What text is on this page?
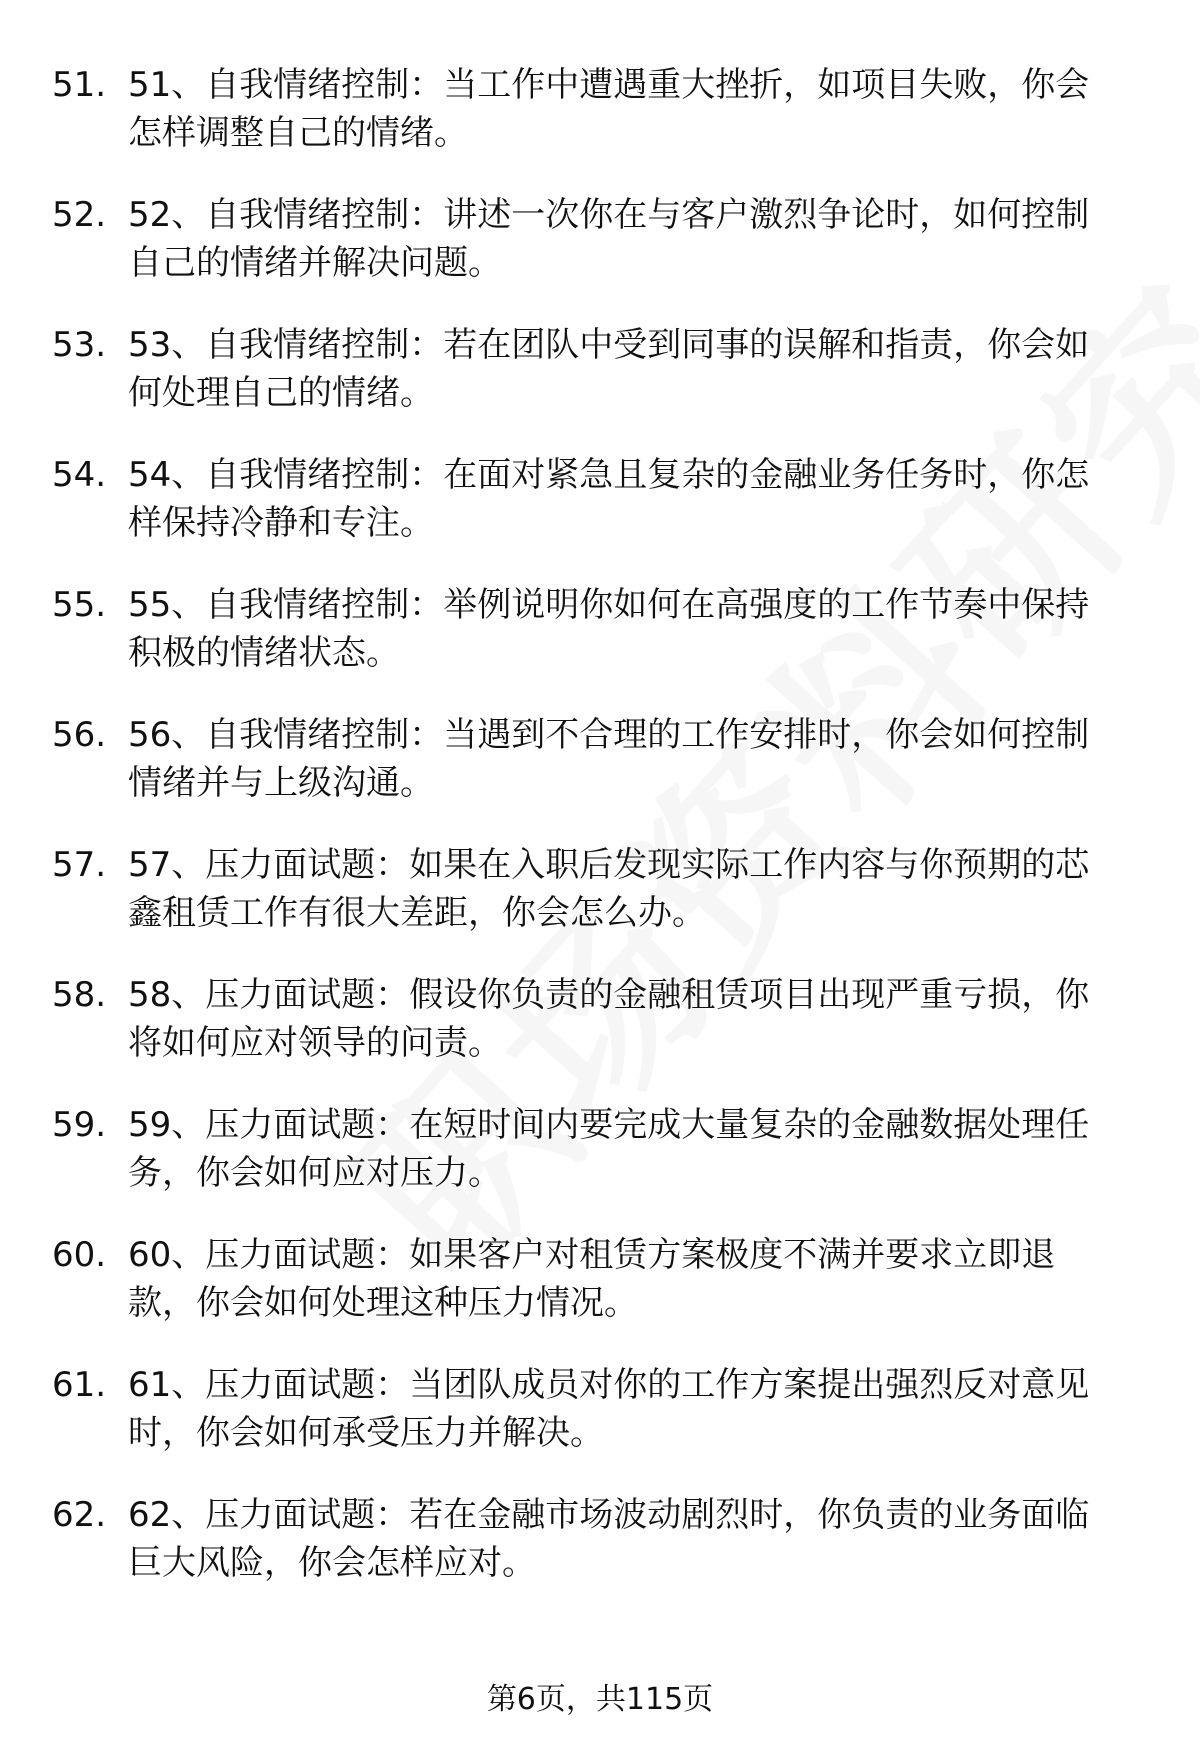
51. 51、自我情绪控制：当工作中遭遇重大挫折，如项目失败，你会
怎样调整自己的情绪。
52. 52、自我情绪控制：讲述一次你在与客户激烈争论时，如何控制
自己的情绪并解决问题。
53. 53、自我情绪控制：若在团队中受到同事的误解和指责，你会如
何处理自己的情绪。
54. 54、自我情绪控制：在面对紧急且复杂的金融业务任务时，你怎
样保持冷静和专注。
55. 55、自我情绪控制：举例说明你如何在高强度的工作节奏中保持
积极的情绪状态。
56. 56、自我情绪控制：当遇到不合理的工作安排时，你会如何控制
情绪并与上级沟通。
57. 57、压力面试题：如果在入职后发现实际工作内容与你预期的芯
鑫租赁工作有很大差距，你会怎么办。
58. 58、压力面试题：假设你负责的金融租赁项目出现严重亏损，你
将如何应对领导的问责。
59. 59、压力面试题：在短时间内要完成大量复杂的金融数据处理任
务，你会如何应对压力。
60. 60、压力面试题：如果客户对租赁方案极度不满并要求立即退
款，你会如何处理这种压力情况。
61. 61、压力面试题：当团队成员对你的工作方案提出强烈反对意见
时，你会如何承受压力并解决。
62. 62、压力面试题：若在金融市场波动剧烈时，你负责的业务面临
巨大风险，你会怎样应对。
第6页，共115页
